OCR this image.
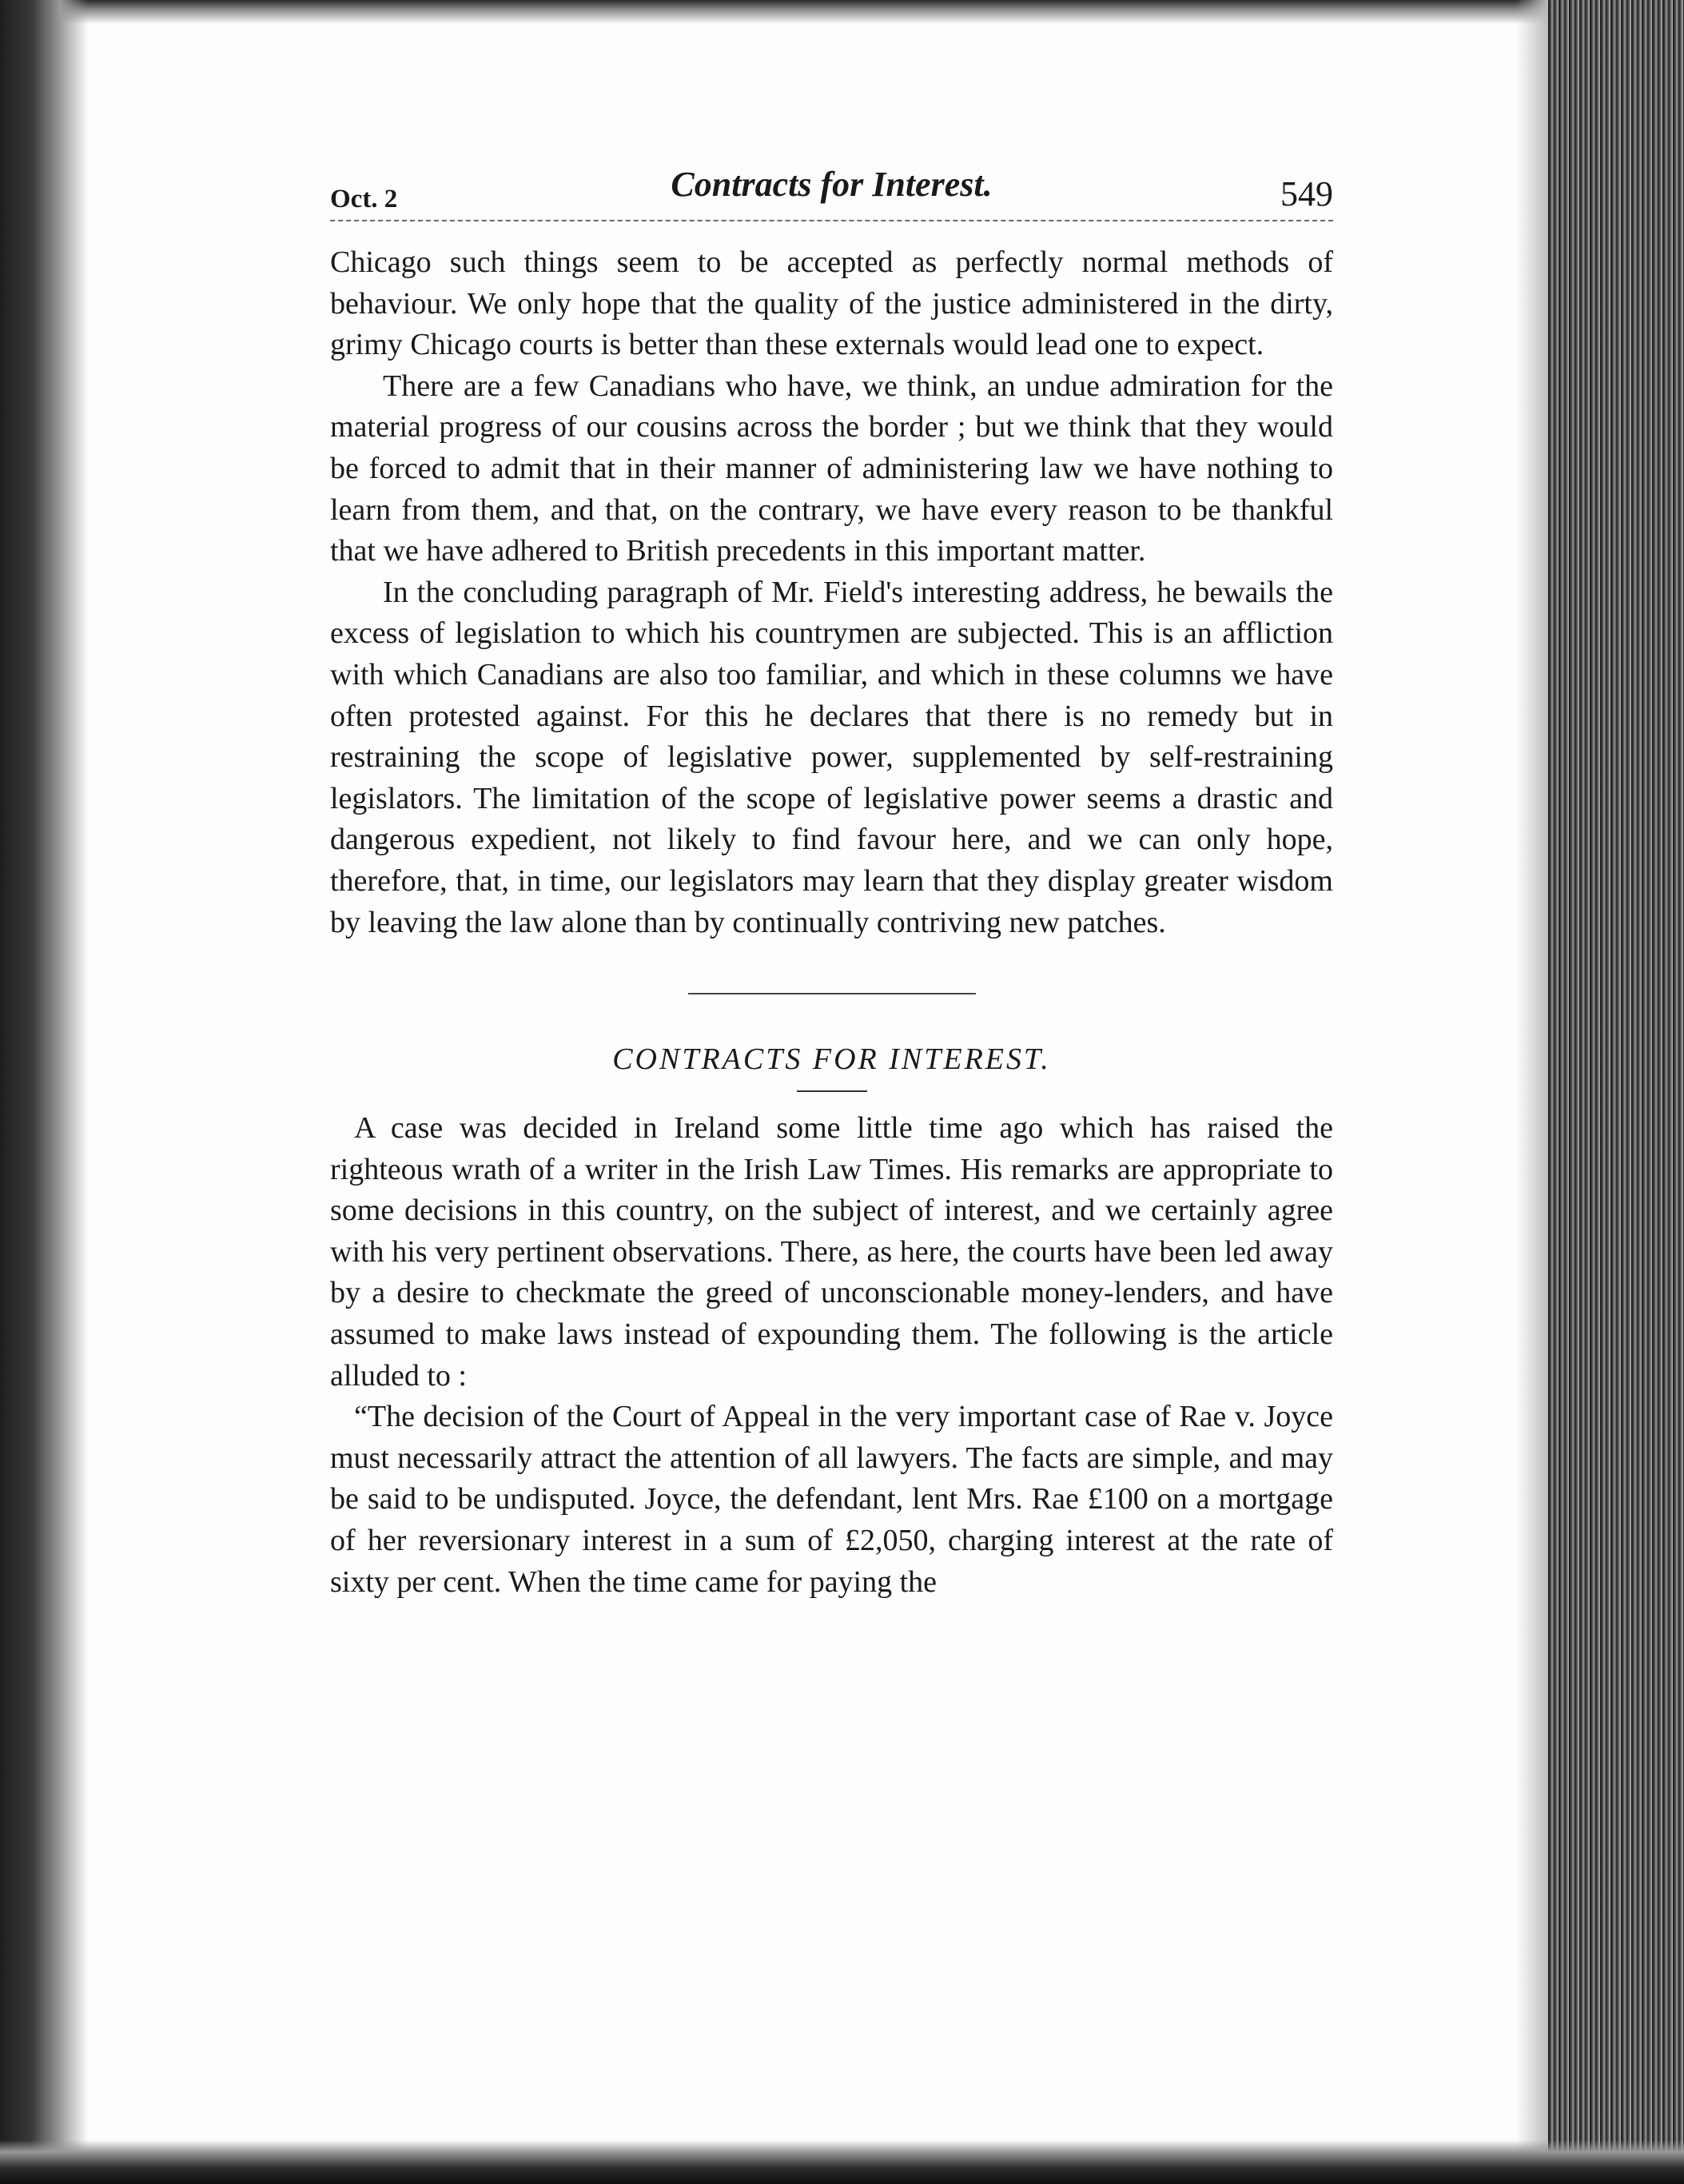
Oct. 2	Contracts for Interest.	549

Chicago such things seem to be accepted as perfectly normal methods of behaviour. We only hope that the quality of the justice administered in the dirty, grimy Chicago courts is better than these externals would lead one to expect.

There are a few Canadians who have, we think, an undue admiration for the material progress of our cousins across the border ; but we think that they would be forced to admit that in their manner of administering law we have nothing to learn from them, and that, on the contrary, we have every reason to be thankful that we have adhered to British precedents in this important matter.

In the concluding paragraph of Mr. Field's interesting address, he bewails the excess of legislation to which his countrymen are subjected. This is an affliction with which Canadians are also too familiar, and which in these columns we have often protested against. For this he declares that there is no remedy but in restraining the scope of legislative power, supplemented by self-restraining legislators. The limitation of the scope of legislative power seems a drastic and dangerous expedient, not likely to find favour here, and we can only hope, therefore, that, in time, our legislators may learn that they display greater wisdom by leaving the law alone than by continually contriving new patches.

CONTRACTS FOR INTEREST.

A case was decided in Ireland some little time ago which has raised the righteous wrath of a writer in the Irish Law Times. His remarks are appropriate to some decisions in this country, on the subject of interest, and we certainly agree with his very pertinent observations. There, as here, the courts have been led away by a desire to checkmate the greed of unconscionable money-lenders, and have assumed to make laws instead of expounding them. The following is the article alluded to :

“The decision of the Court of Appeal in the very important case of Rae v. Joyce must necessarily attract the attention of all lawyers. The facts are simple, and may be said to be undisputed. Joyce, the defendant, lent Mrs. Rae £100 on a mortgage of her reversionary interest in a sum of £2,050, charging interest at the rate of sixty per cent. When the time came for paying the
